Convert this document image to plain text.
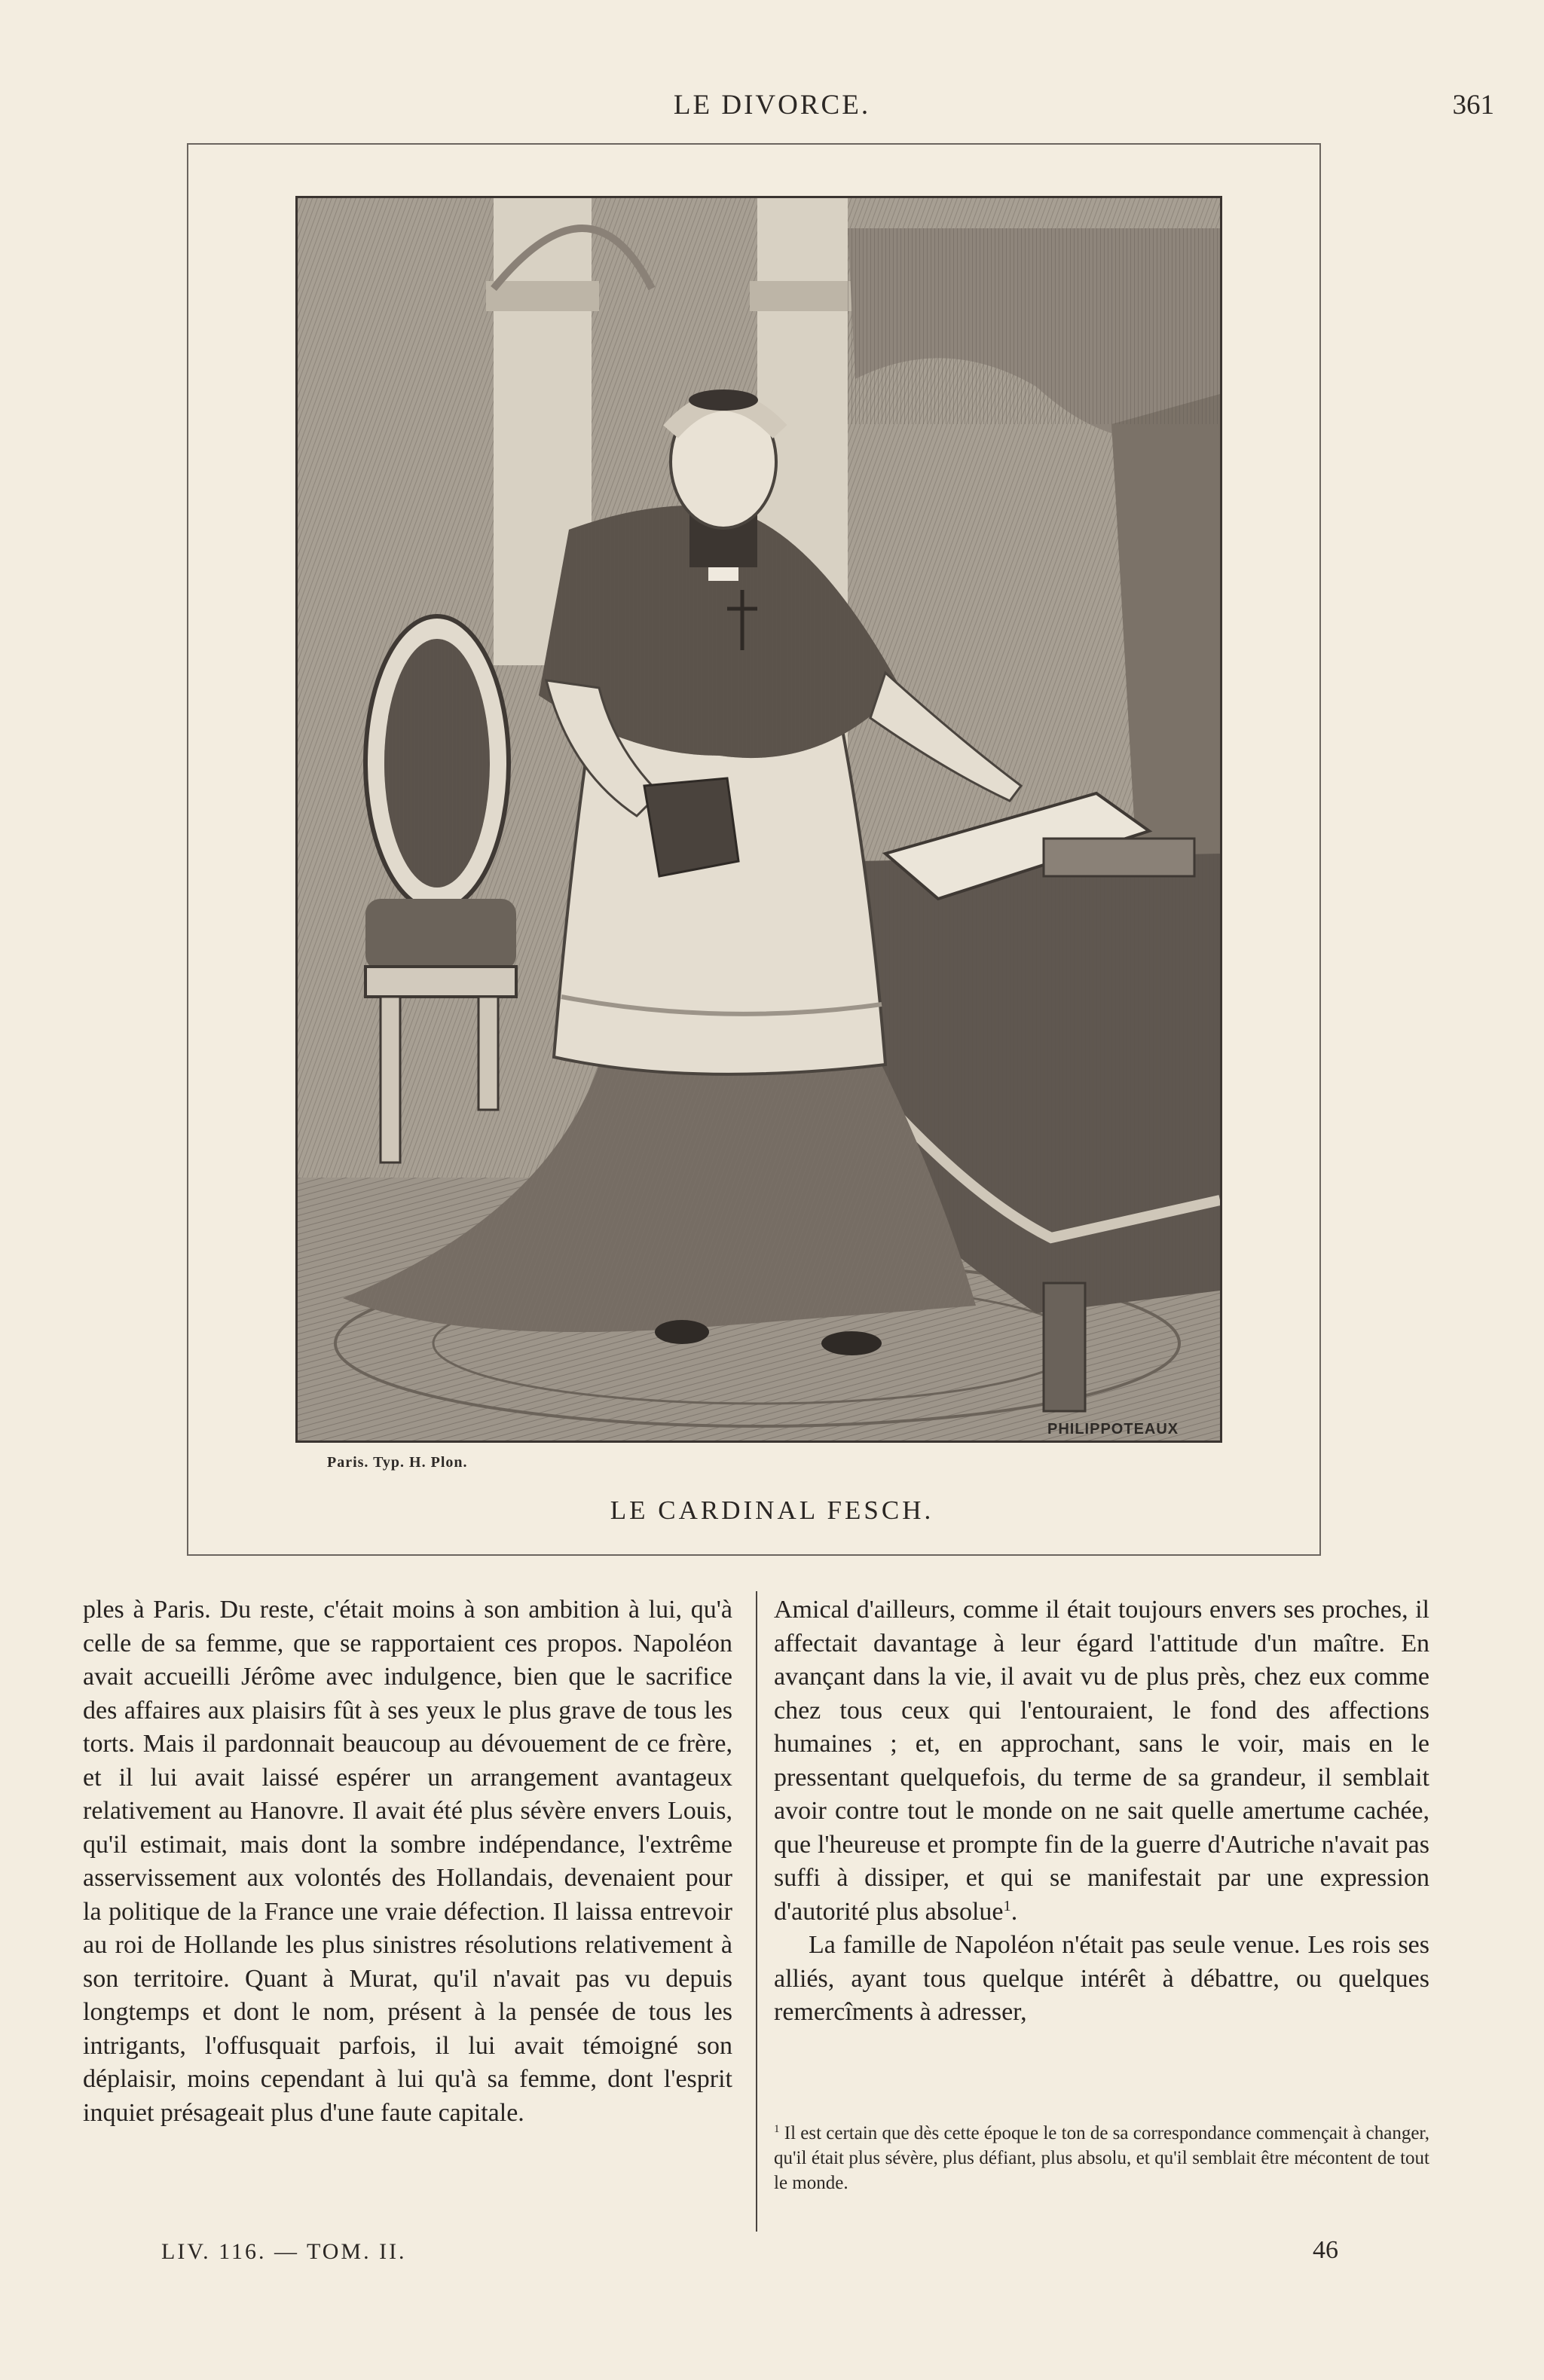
LE DIVORCE.	361
Paris. Typ. H. Plon.
PHILIPPOTEAUX
LE CARDINAL FESCH.

ples à Paris. Du reste, c'était moins à son ambition à lui, qu'à celle de sa femme, que se rapportaient ces propos. Napoléon avait accueilli Jérôme avec indulgence, bien que le sacrifice des affaires aux plaisirs fût à ses yeux le plus grave de tous les torts. Mais il pardonnait beaucoup au dévouement de ce frère, et il lui avait laissé espérer un arrangement avantageux relativement au Hanovre. Il avait été plus sévère envers Louis, qu'il estimait, mais dont la sombre indépendance, l'extrême asservissement aux volontés des Hollandais, devenaient pour la politique de la France une vraie défection. Il laissa entrevoir au roi de Hollande les plus sinistres résolutions relativement à son territoire. Quant à Murat, qu'il n'avait pas vu depuis longtemps et dont le nom, présent à la pensée de tous les intrigants, l'offusquait parfois, il lui avait témoigné son déplaisir, moins cependant à lui qu'à sa femme, dont l'esprit inquiet présageait plus d'une faute capitale.

Amical d'ailleurs, comme il était toujours envers ses proches, il affectait davantage à leur égard l'attitude d'un maître. En avançant dans la vie, il avait vu de plus près, chez eux comme chez tous ceux qui l'entouraient, le fond des affections humaines ; et, en approchant, sans le voir, mais en le pressentant quelquefois, du terme de sa grandeur, il semblait avoir contre tout le monde on ne sait quelle amertume cachée, que l'heureuse et prompte fin de la guerre d'Autriche n'avait pas suffi à dissiper, et qui se manifestait par une expression d'autorité plus absolue$^1$.

La famille de Napoléon n'était pas seule venue. Les rois ses alliés, ayant tous quelque intérêt à débattre, ou quelques remercîments à adresser,

$^1$ Il est certain que dès cette époque le ton de sa correspondance commençait à changer, qu'il était plus sévère, plus défiant, plus absolu, et qu'il semblait être mécontent de tout le monde.
LIV. 116. — TOM. II.	46
